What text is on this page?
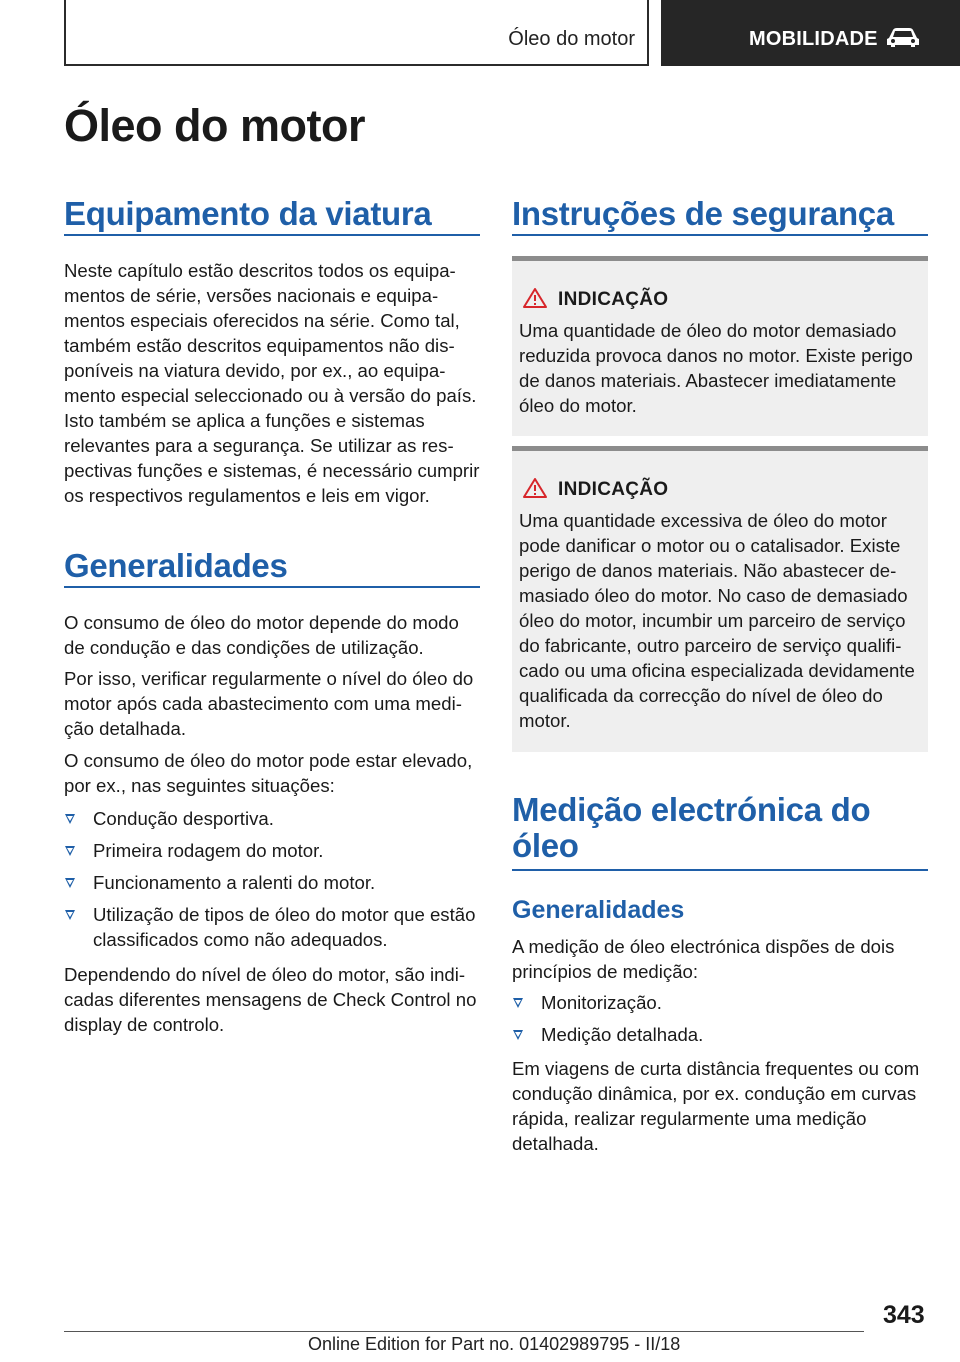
Óleo do motor	MOBILIDADE
Óleo do motor
Equipamento da viatura
Neste capítulo estão descritos todos os equipamentos de série, versões nacionais e equipamentos especiais oferecidos na série. Como tal, também estão descritos equipamentos não disponíveis na viatura devido, por ex., ao equipamento especial seleccionado ou à versão do país. Isto também se aplica a funções e sistemas relevantes para a segurança. Se utilizar as respectivas funções e sistemas, é necessário cumprir os respectivos regulamentos e leis em vigor.
Generalidades
O consumo de óleo do motor depende do modo de condução e das condições de utilização.
Por isso, verificar regularmente o nível do óleo do motor após cada abastecimento com uma medição detalhada.
O consumo de óleo do motor pode estar elevado, por ex., nas seguintes situações:
Condução desportiva.
Primeira rodagem do motor.
Funcionamento a ralenti do motor.
Utilização de tipos de óleo do motor que estão classificados como não adequados.
Dependendo do nível de óleo do motor, são indicadas diferentes mensagens de Check Control no display de controlo.
Instruções de segurança
INDICAÇÃO
Uma quantidade de óleo do motor demasiado reduzida provoca danos no motor. Existe perigo de danos materiais. Abastecer imediatamente óleo do motor.
INDICAÇÃO
Uma quantidade excessiva de óleo do motor pode danificar o motor ou o catalisador. Existe perigo de danos materiais. Não abastecer demasiado óleo do motor. No caso de demasiado óleo do motor, incumbir um parceiro de serviço do fabricante, outro parceiro de serviço qualificado ou uma oficina especializada devidamente qualificada da correcção do nível de óleo do motor.
Medição electrónica do óleo
Generalidades
A medição de óleo electrónica dispões de dois princípios de medição:
Monitorização.
Medição detalhada.
Em viagens de curta distância frequentes ou com condução dinâmica, por ex. condução em curvas rápida, realizar regularmente uma medição detalhada.
343
Online Edition for Part no. 01402989795 - II/18
